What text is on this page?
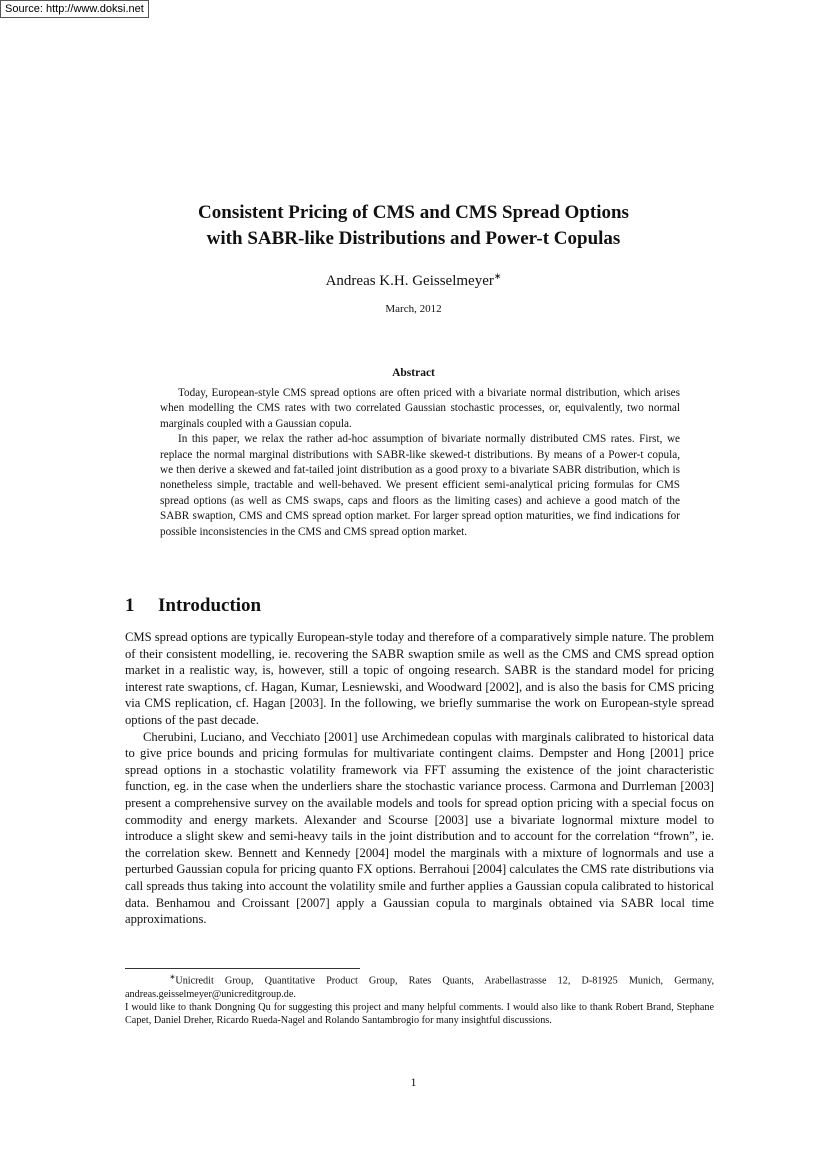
Source: http://www.doksi.net
Consistent Pricing of CMS and CMS Spread Options
with SABR-like Distributions and Power-t Copulas
Andreas K.H. Geisselmeyer∗
March, 2012
Abstract

Today, European-style CMS spread options are often priced with a bivariate normal distribution, which arises when modelling the CMS rates with two correlated Gaussian stochastic processes, or, equivalently, two normal marginals coupled with a Gaussian copula.

In this paper, we relax the rather ad-hoc assumption of bivariate normally distributed CMS rates. First, we replace the normal marginal distributions with SABR-like skewed-t distributions. By means of a Power-t copula, we then derive a skewed and fat-tailed joint distribution as a good proxy to a bivariate SABR distribution, which is nonetheless simple, tractable and well-behaved. We present efficient semi-analytical pricing formulas for CMS spread options (as well as CMS swaps, caps and floors as the limiting cases) and achieve a good match of the SABR swaption, CMS and CMS spread option market. For larger spread option maturities, we find indications for possible inconsistencies in the CMS and CMS spread option market.

1 Introduction

CMS spread options are typically European-style today and therefore of a comparatively simple nature. The problem of their consistent modelling, ie. recovering the SABR swaption smile as well as the CMS and CMS spread option market in a realistic way, is, however, still a topic of ongoing research. SABR is the standard model for pricing interest rate swaptions, cf. Hagan, Kumar, Lesniewski, and Woodward [2002], and is also the basis for CMS pricing via CMS replication, cf. Hagan [2003]. In the following, we briefly summarise the work on European-style spread options of the past decade.

Cherubini, Luciano, and Vecchiato [2001] use Archimedean copulas with marginals calibrated to historical data to give price bounds and pricing formulas for multivariate contingent claims. Dempster and Hong [2001] price spread options in a stochastic volatility framework via FFT assuming the existence of the joint characteristic function, eg. in the case when the underliers share the stochastic variance process. Carmona and Durrleman [2003] present a comprehensive survey on the available models and tools for spread option pricing with a special focus on commodity and energy markets. Alexander and Scourse [2003] use a bivariate lognormal mixture model to introduce a slight skew and semi-heavy tails in the joint distribution and to account for the correlation “frown”, ie. the correlation skew. Bennett and Kennedy [2004] model the marginals with a mixture of lognormals and use a perturbed Gaussian copula for pricing quanto FX options. Berrahoui [2004] calculates the CMS rate distributions via call spreads thus taking into account the volatility smile and further applies a Gaussian copula calibrated to historical data. Benhamou and Croissant [2007] apply a Gaussian copula to marginals obtained via SABR local time approximations.

∗Unicredit Group, Quantitative Product Group, Rates Quants, Arabellastrasse 12, D-81925 Munich, Germany, andreas.geisselmeyer@unicreditgroup.de.

I would like to thank Dongning Qu for suggesting this project and many helpful comments. I would also like to thank Robert Brand, Stephane Capet, Daniel Dreher, Ricardo Rueda-Nagel and Rolando Santambrogio for many insightful discussions.

1
